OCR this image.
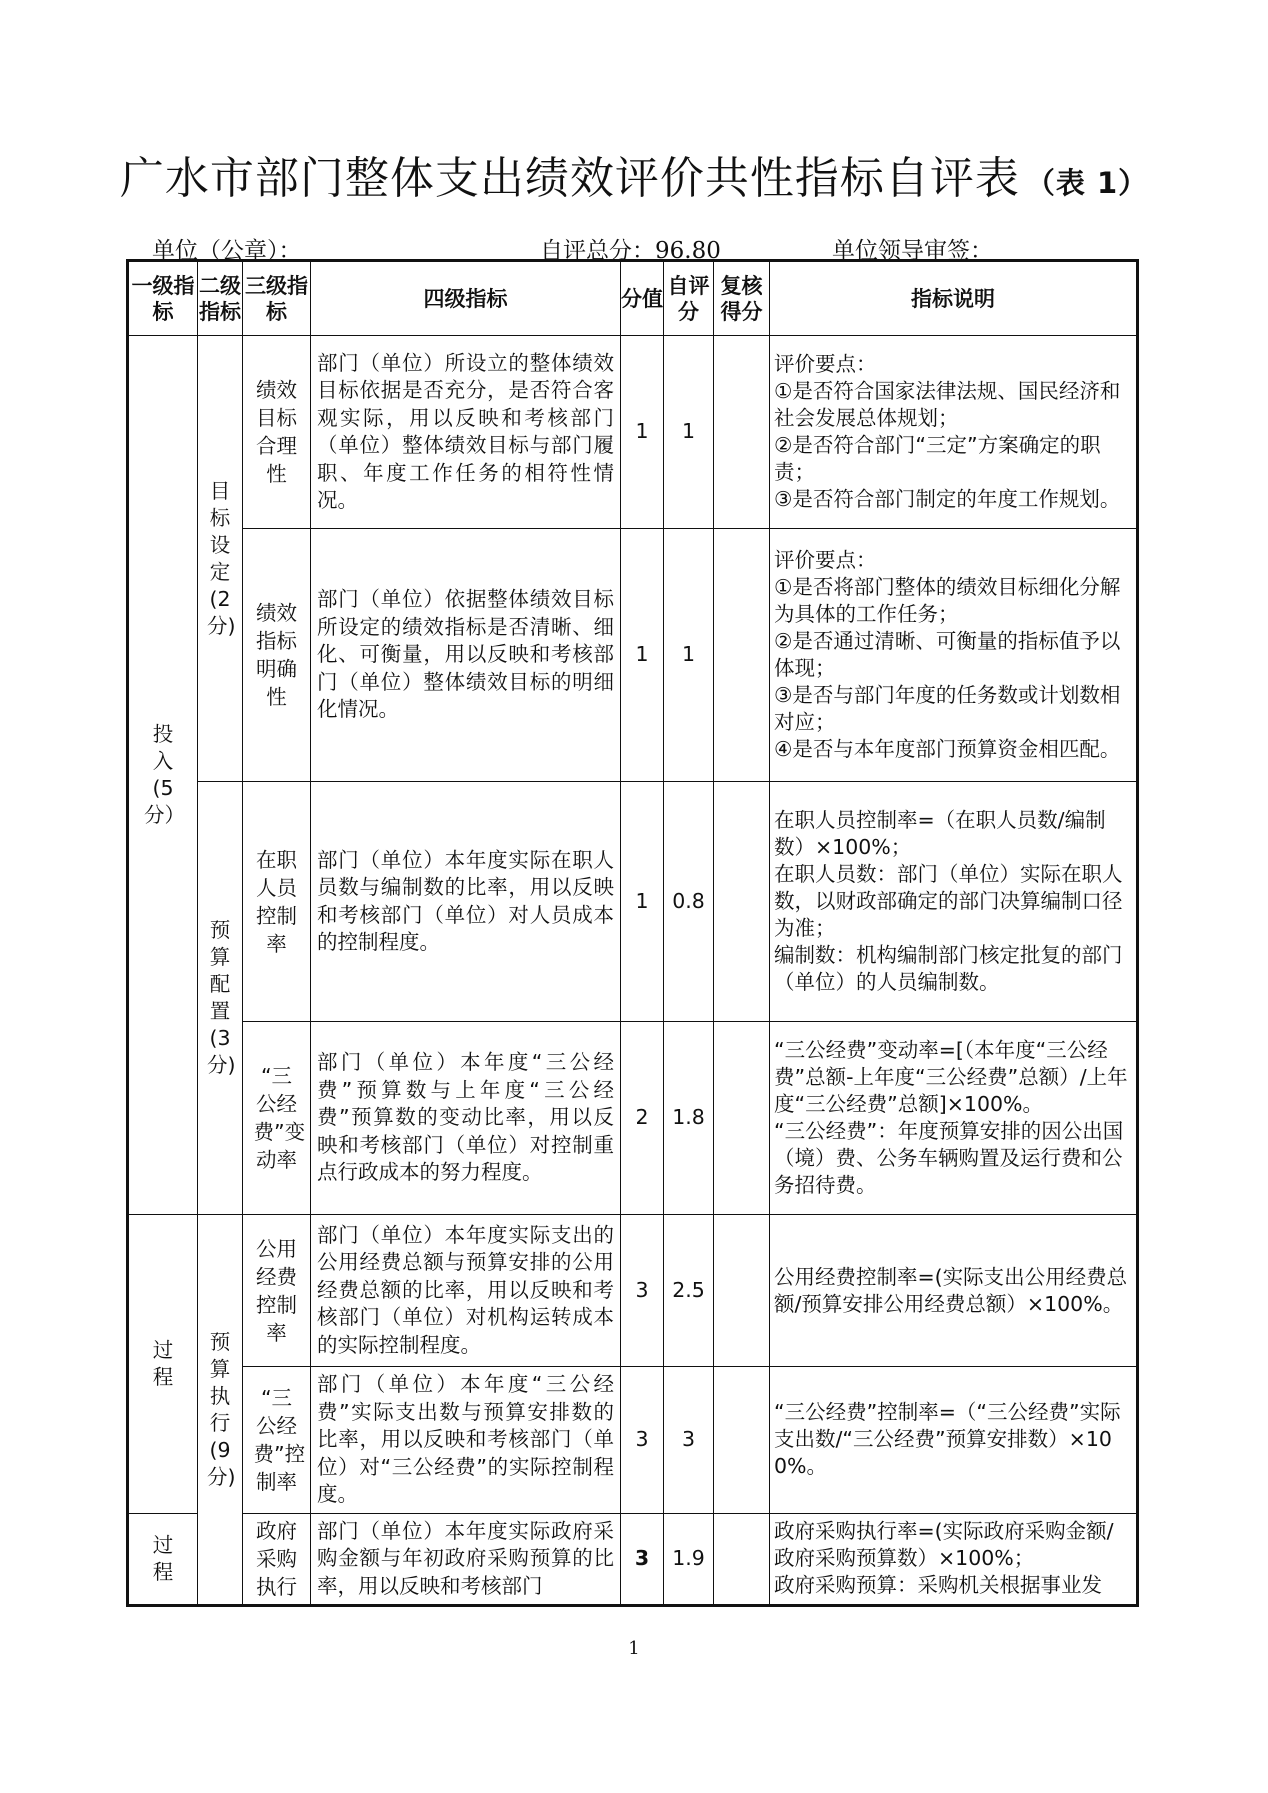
广水市部门整体支出绩效评价共性指标自评表 （表 1）
单位（公章）：	自评总分：96.80	单位领导审签：
一级指标	二级指标	三级指标	四级指标	分值	自评分	复核得分	指标说明

投入(5分）	目标设定(2分)	绩效目标合理性	部门（单位）所设立的整体绩效目标依据是否充分，是否符合客观实际，用以反映和考核部门（单位）整体绩效目标与部门履职、年度工作任务的相符性情况。	1	1		评价要点：

①是否符合国家法律法规、国民经济和社会发展总体规划；

②是否符合部门“三定”方案确定的职责；

③是否符合部门制定的年度工作规划。

		绩效指标明确性	部门（单位）依据整体绩效目标所设定的绩效指标是否清晰、细化、可衡量，用以反映和考核部门（单位）整体绩效目标的明细化情况。	1	1		评价要点：

①是否将部门整体的绩效目标细化分解为具体的工作任务；

②是否通过清晰、可衡量的指标值予以体现；

③是否与部门年度的任务数或计划数相对应；

④是否与本年度部门预算资金相匹配。

	预算配置(3分)	在职人员控制率	部门（单位）本年度实际在职人员数与编制数的比率，用以反映和考核部门（单位）对人员成本的控制程度。	1	0.8		在职人员控制率=（在职人员数/编制数）×100%；

在职人员数：部门（单位）实际在职人数，以财政部确定的部门决算编制口径为准；

编制数：机构编制部门核定批复的部门（单位）的人员编制数。

		“三公经费”变动率	部门（单位）本年度“三公经费”预算数与上年度“三公经费”预算数的变动比率，用以反映和考核部门（单位）对控制重点行政成本的努力程度。	2	1.8		“三公经费”变动率=[（本年度“三公经费”总额-上年度“三公经费”总额）/上年度“三公经费”总额]×100%。

“三公经费”：年度预算安排的因公出国（境）费、公务车辆购置及运行费和公务招待费。

过程	预算执行(9分)	公用经费控制率	部门（单位）本年度实际支出的公用经费总额与预算安排的公用经费总额的比率，用以反映和考核部门（单位）对机构运转成本的实际控制程度。	3	2.5		公用经费控制率=(实际支出公用经费总额/预算安排公用经费总额）×100%。

		“三公经费”控制率	部门（单位）本年度“三公经费”实际支出数与预算安排数的比率，用以反映和考核部门（单位）对“三公经费”的实际控制程度。	3	3		“三公经费”控制率=（“三公经费”实际支出数/“三公经费”预算安排数）×100%。

过程		政府采购执行	部门（单位）本年度实际政府采购金额与年初政府采购预算的比率，用以反映和考核部门	3	1.9		政府采购执行率=(实际政府采购金额/政府采购预算数）×100%；

政府采购预算：采购机关根据事业发

1
